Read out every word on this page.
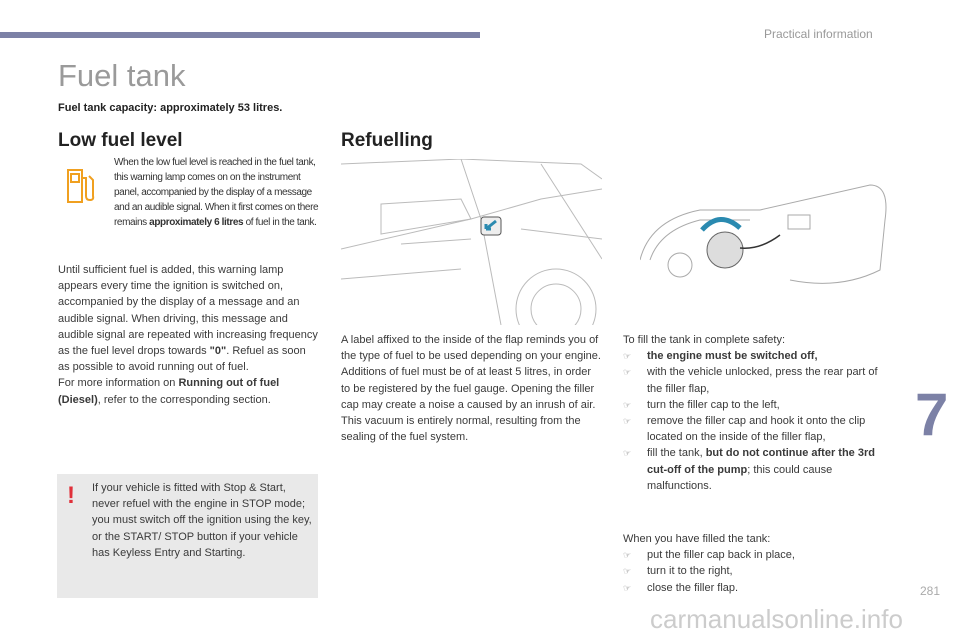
Practical information
Fuel tank
Fuel tank capacity: approximately 53 litres.
Low fuel level
When the low fuel level is reached in the fuel tank, this warning lamp comes on on the instrument panel, accompanied by the display of a message and an audible signal. When it first comes on there remains approximately 6 litres of fuel in the tank.
Until sufficient fuel is added, this warning lamp appears every time the ignition is switched on, accompanied by the display of a message and an audible signal. When driving, this message and audible signal are repeated with increasing frequency as the fuel level drops towards "0". Refuel as soon as possible to avoid running out of fuel.
For more information on Running out of fuel (Diesel), refer to the corresponding section.
! If your vehicle is fitted with Stop & Start, never refuel with the engine in STOP mode; you must switch off the ignition using the key, or the START/ STOP button if your vehicle has Keyless Entry and Starting.
Refuelling
A label affixed to the inside of the flap reminds you of the type of fuel to be used depending on your engine. Additions of fuel must be of at least 5 litres, in order to be registered by the fuel gauge. Opening the filler cap may create a noise a caused by an inrush of air. This vacuum is entirely normal, resulting from the sealing of the fuel system.
To fill the tank in complete safety:
☞ the engine must be switched off,
☞ with the vehicle unlocked, press the rear part of the filler flap,
☞ turn the filler cap to the left,
☞ remove the filler cap and hook it onto the clip located on the inside of the filler flap,
☞ fill the tank, but do not continue after the 3rd cut-off of the pump; this could cause malfunctions.
When you have filled the tank:
☞ put the filler cap back in place,
☞ turn it to the right,
☞ close the filler flap.
7
281
carmanualsonline.info
